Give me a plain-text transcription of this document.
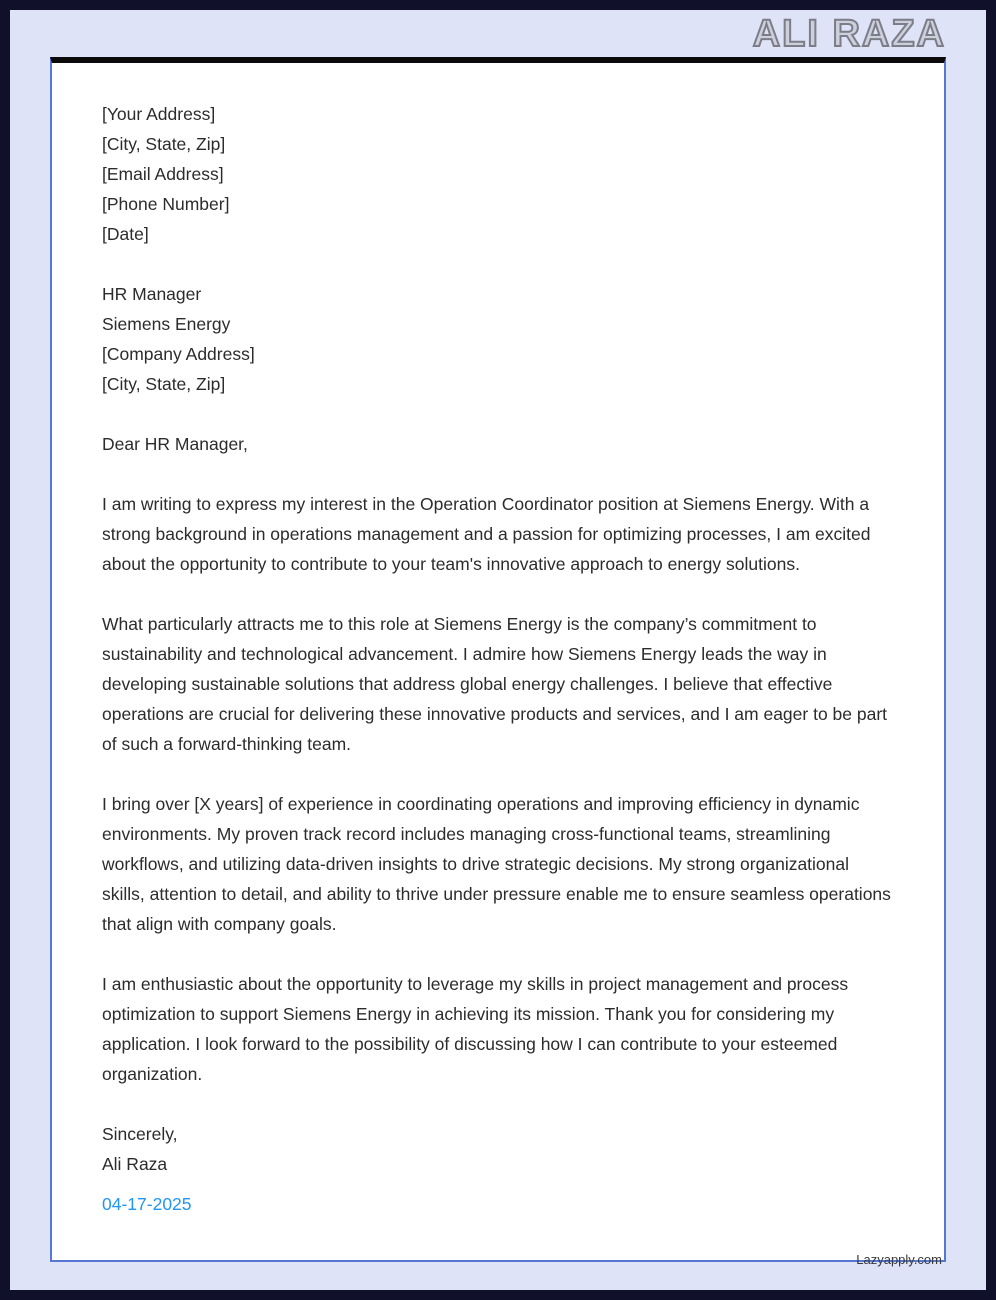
ALI RAZA
[Your Address]
[City, State, Zip]
[Email Address]
[Phone Number]
[Date]
HR Manager
Siemens Energy
[Company Address]
[City, State, Zip]
Dear HR Manager,

I am writing to express my interest in the Operation Coordinator position at Siemens Energy. With a strong background in operations management and a passion for optimizing processes, I am excited about the opportunity to contribute to your team's innovative approach to energy solutions.

What particularly attracts me to this role at Siemens Energy is the company’s commitment to sustainability and technological advancement. I admire how Siemens Energy leads the way in developing sustainable solutions that address global energy challenges. I believe that effective operations are crucial for delivering these innovative products and services, and I am eager to be part of such a forward-thinking team.

I bring over [X years] of experience in coordinating operations and improving efficiency in dynamic environments. My proven track record includes managing cross-functional teams, streamlining workflows, and utilizing data-driven insights to drive strategic decisions. My strong organizational skills, attention to detail, and ability to thrive under pressure enable me to ensure seamless operations that align with company goals.

I am enthusiastic about the opportunity to leverage my skills in project management and process optimization to support Siemens Energy in achieving its mission. Thank you for considering my application. I look forward to the possibility of discussing how I can contribute to your esteemed organization.

Sincerely,
Ali Raza
04-17-2025
Lazyapply.com
